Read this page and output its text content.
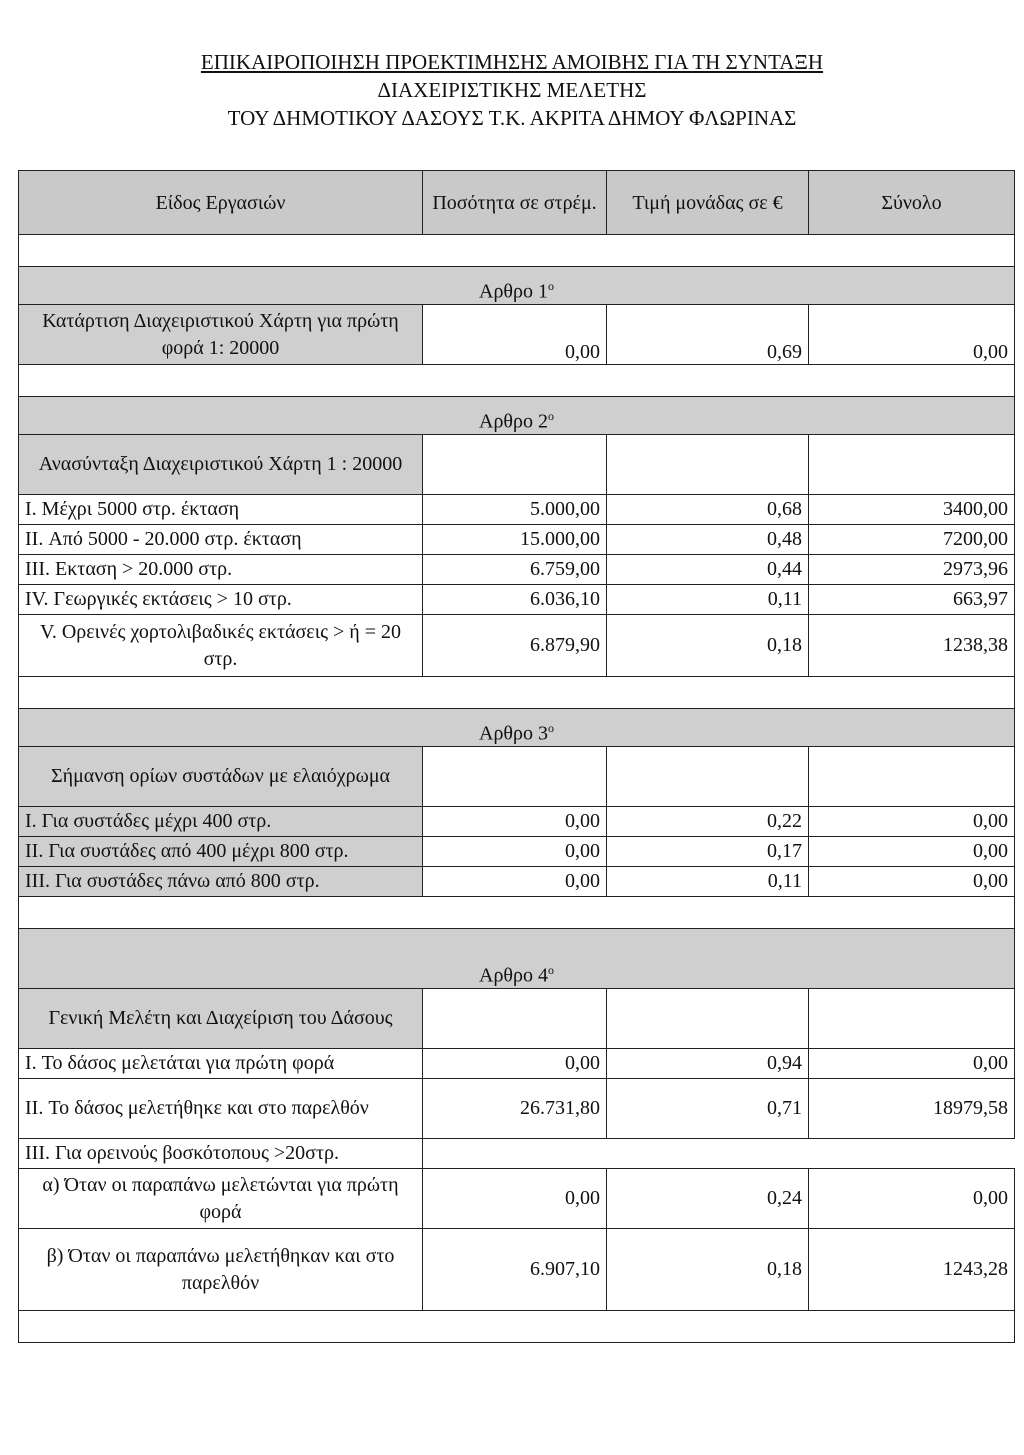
ΕΠΙΚΑΙΡΟΠΟΙΗΣΗ ΠΡΟΕΚΤΙΜΗΣΗΣ ΑΜΟΙΒΗΣ ΓΙΑ ΤΗ ΣΥΝΤΑΞΗ
ΔΙΑΧΕΙΡΙΣΤΙΚΗΣ ΜΕΛΕΤΗΣ
ΤΟΥ ΔΗΜΟΤΙΚΟΥ ΔΑΣΟΥΣ Τ.Κ. ΑΚΡΙΤΑ ΔΗΜΟΥ ΦΛΩΡΙΝΑΣ
Είδος Εργασιών	Ποσότητα σε στρέμ.	Τιμή μονάδας σε €	Σύνολο

Αρθρο $1^o$
Κατάρτιση Διαχειριστικού Χάρτη για πρώτη φορά 1: 20000	0,00	0,69	0,00

Αρθρο $2^o$
Ανασύνταξη Διαχειριστικού Χάρτη 1 : 20000			
I. Μέχρι 5000 στρ. έκταση	5.000,00	0,68	3400,00
II. Από 5000 - 20.000 στρ. έκταση	15.000,00	0,48	7200,00
III. Εκταση > 20.000 στρ.	6.759,00	0,44	2973,96
IV. Γεωργικές εκτάσεις > 10 στρ.	6.036,10	0,11	663,97
V. Ορεινές χορτολιβαδικές εκτάσεις > ή = 20 στρ.	6.879,90	0,18	1238,38

Αρθρο $3^o$
Σήμανση ορίων συστάδων με ελαιόχρωμα			
I. Για συστάδες μέχρι 400 στρ.	0,00	0,22	0,00
II. Για συστάδες από 400 μέχρι 800 στρ.	0,00	0,17	0,00
III. Για συστάδες πάνω από 800 στρ.	0,00	0,11	0,00

Αρθρο $4^o$
Γενική Μελέτη και Διαχείριση του Δάσους			
I. Το δάσος μελετάται για πρώτη φορά	0,00	0,94	0,00
II. Το δάσος μελετήθηκε και στο παρελθόν	26.731,80	0,71	18979,58
III. Για ορεινούς βοσκότοπους >20στρ.			
α) Όταν οι παραπάνω μελετώνται για πρώτη φορά	0,00	0,24	0,00
β) Όταν οι παραπάνω μελετήθηκαν και στο παρελθόν	6.907,10	0,18	1243,28
